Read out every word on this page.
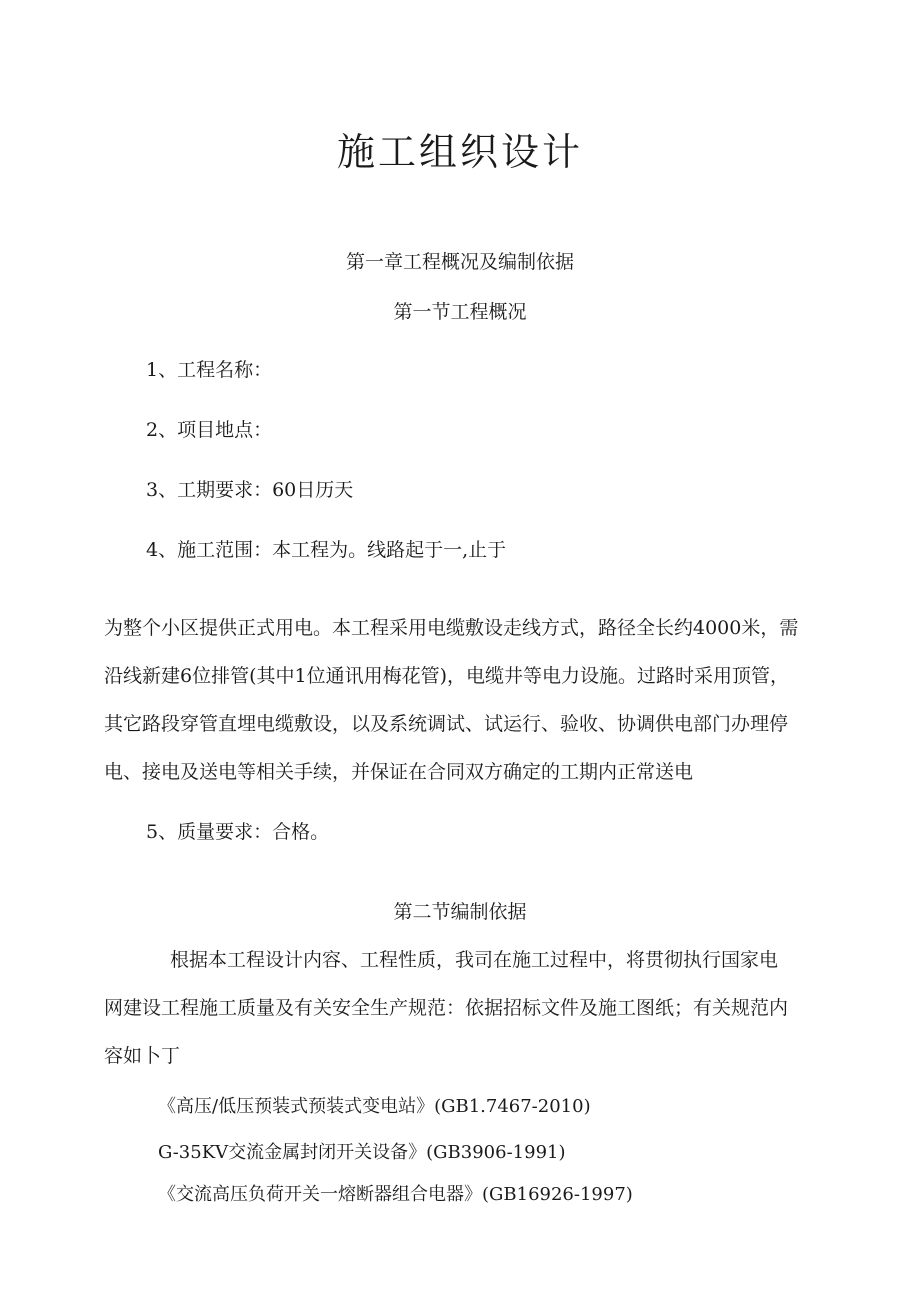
施工组织设计
第一章工程概况及编制依据
第一节工程概况
1、工程名称：
2、项目地点：
3、工期要求：60日历天
4、施工范围：本工程为。线路起于一,止于
为整个小区提供正式用电。本工程采用电缆敷设走线方式，路径全长约4000米，需
沿线新建6位排管(其中1位通讯用梅花管)，电缆井等电力设施。过路时采用顶管，
其它路段穿管直埋电缆敷设，以及系统调试、试运行、验收、协调供电部门办理停
电、接电及送电等相关手续，并保证在合同双方确定的工期内正常送电
5、质量要求：合格。
第二节编制依据
根据本工程设计内容、工程性质，我司在施工过程中，将贯彻执行国家电
网建设工程施工质量及有关安全生产规范：依据招标文件及施工图纸；有关规范内
容如卜丁
《高压/低压预装式预装式变电站》(GB1.7467-2010)
G-35KV交流金属封闭开关设备》(GB3906-1991)
《交流高压负荷开关一熔断器组合电器》(GB16926-1997)
